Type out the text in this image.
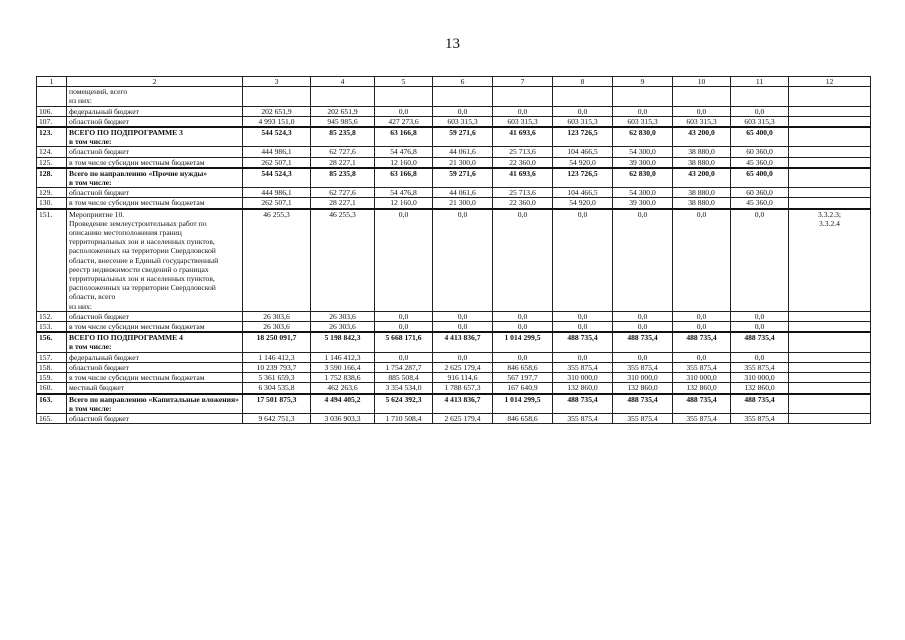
13
1	2	3	4	5	6	7	8	9	10	11	12
	помещений, всего
из них:										
106.	федеральный бюджет	202 651,9	202 651,9	0,0	0,0	0,0	0,0	0,0	0,0	0,0	
107.	областной бюджет	4 993 151,0	945 985,6	427 273,6	603 315,3	603 315,3	603 315,3	603 315,3	603 315,3	603 315,3	
123.	ВСЕГО ПО ПОДПРОГРАММЕ 3
в том числе:	544 524,3	85 235,8	63 166,8	59 271,6	41 693,6	123 726,5	62 830,0	43 200,0	65 400,0	
124.	областной бюджет	444 986,1	62 727,6	54 476,8	44 061,6	25 713,6	104 466,5	54 300,0	38 880,0	60 360,0	
125.	в том числе субсидии местным бюджетам	262 507,1	28 227,1	12 160,0	21 300,0	22 360,0	54 920,0	39 300,0	38 880,0	45 360,0	
128.	Всего по направлению «Прочие нужды»
в том числе:	544 524,3	85 235,8	63 166,8	59 271,6	41 693,6	123 726,5	62 830,0	43 200,0	65 400,0	
129.	областной бюджет	444 986,1	62 727,6	54 476,8	44 061,6	25 713,6	104 466,5	54 300,0	38 880,0	60 360,0	
130.	в том числе субсидии местным бюджетам	262 507,1	28 227,1	12 160,0	21 300,0	22 360,0	54 920,0	39 300,0	38 880,0	45 360,0	
151.	Мероприятие 10.
Проведение землеустроительных работ по описанию местоположения границ территориальных зон и населенных пунктов, расположенных на территории Свердловской области, внесение в Единый государственный реестр недвижимости сведений о границах территориальных зон и населенных пунктов, расположенных на территории Свердловской области, всего
из них:	46 255,3	46 255,3	0,0	0,0	0,0	0,0	0,0	0,0	0,0	3.3.2.3;
3.3.2.4
152.	областной бюджет	26 303,6	26 303,6	0,0	0,0	0,0	0,0	0,0	0,0	0,0	
153.	в том числе субсидии местным бюджетам	26 303,6	26 303,6	0,0	0,0	0,0	0,0	0,0	0,0	0,0	
156.	ВСЕГО ПО ПОДПРОГРАММЕ 4
в том числе:	18 250 091,7	5 198 842,3	5 668 171,6	4 413 836,7	1 014 299,5	488 735,4	488 735,4	488 735,4	488 735,4	
157.	федеральный бюджет	1 146 412,3	1 146 412,3	0,0	0,0	0,0	0,0	0,0	0,0	0,0	
158.	областной бюджет	10 239 793,7	3 590 166,4	1 754 287,7	2 625 179,4	846 658,6	355 875,4	355 875,4	355 875,4	355 875,4	
159.	в том числе субсидии местным бюджетам	5 361 659,3	1 752 838,6	885 508,4	916 114,6	567 197,7	310 000,0	310 000,0	310 000,0	310 000,0	
160.	местный бюджет	6 304 535,8	462 263,6	3 354 534,0	1 788 657,3	167 640,9	132 860,0	132 860,0	132 860,0	132 860,0	
163.	Всего по направлению «Капитальные вложения»
в том числе:	17 501 875,3	4 494 405,2	5 624 392,3	4 413 836,7	1 014 299,5	488 735,4	488 735,4	488 735,4	488 735,4	
165.	областной бюджет	9 642 751,3	3 036 903,3	1 710 508,4	2 625 179,4	846 658,6	355 875,4	355 875,4	355 875,4	355 875,4	
